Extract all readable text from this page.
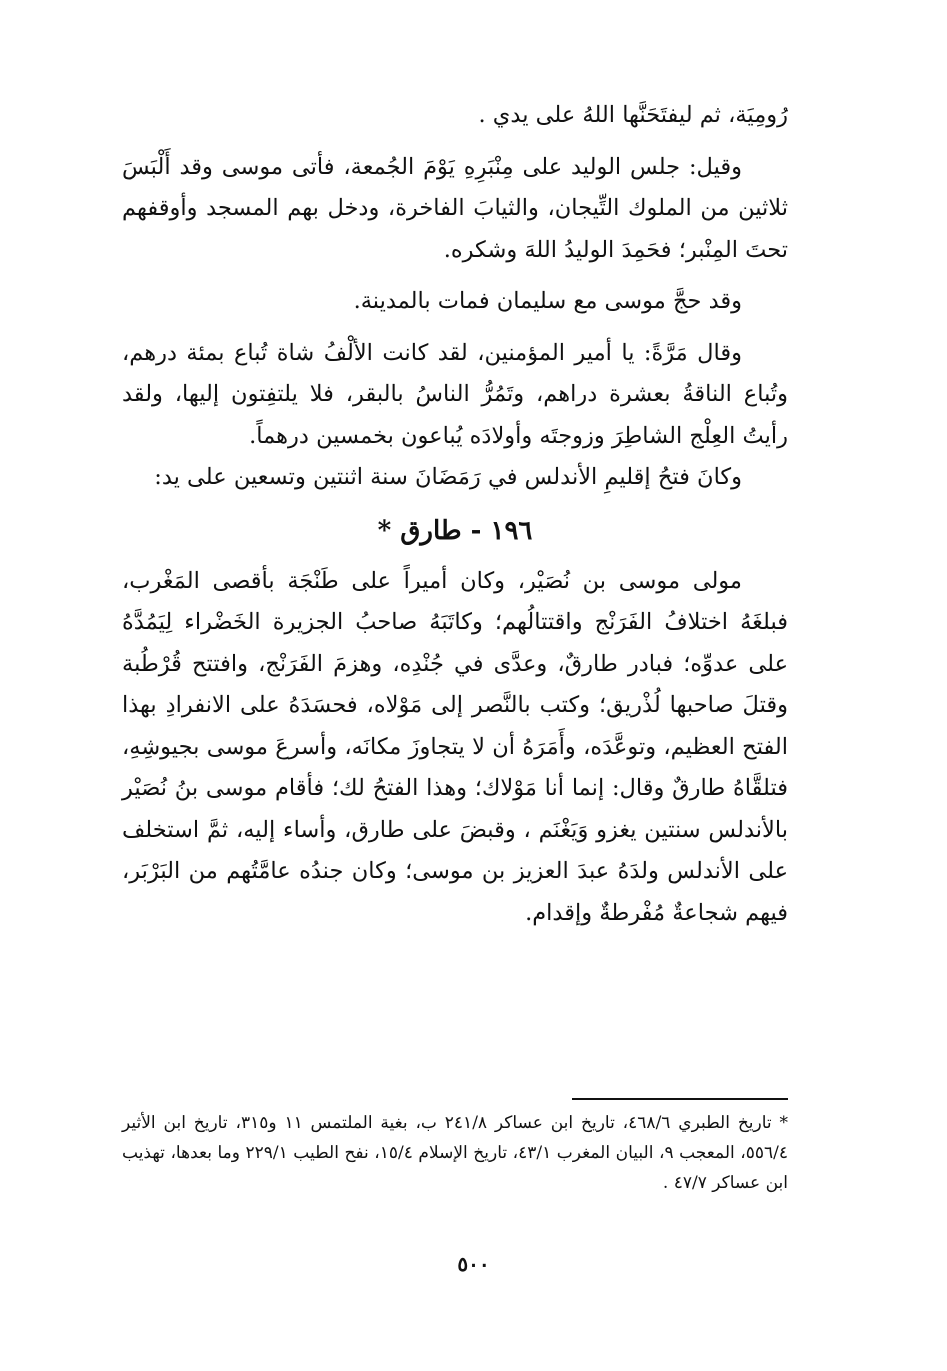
رُومِيَة، ثم ليفتَحَنَّها اللهُ على يدي .

وقيل: جلس الوليد على مِنْبَرِهِ يَوْمَ الجُمعة، فأتى موسى وقد أَلْبَسَ ثلاثين من الملوك التِّيجان، والثيابَ الفاخرة، ودخل بهم المسجد وأوقفهم تحتَ المِنْبر؛ فحَمِدَ الوليدُ اللهَ وشكره.

وقد حجَّ موسى مع سليمان فمات بالمدينة.

وقال مَرَّةً: يا أمير المؤمنين، لقد كانت الألْفُ شاة تُباع بمئة درهم، وتُباع الناقةُ بعشرة دراهم، وتَمُرُّ الناسُ بالبقر، فلا يلتفِتون إليها، ولقد رأيتُ العِلْج الشاطِرَ وزوجتَه وأولادَه يُباعون بخمسين درهماً.

وكانَ فتحُ إقليمِ الأندلس في رَمَضَانَ سنة اثنتين وتسعين على يد:

١٩٦ - طارق *

مولى موسى بن نُصَيْر، وكان أميراً على طَنْجَة بأقصى المَغْرب، فبلغَهُ اختلافُ الفَرَنْج واقتتالُهم؛ وكاتَبَهُ صاحبُ الجزيرة الخَضْراء لِيَمُدَّهُ على عدوِّه؛ فبادر طارقٌ، وعدَّى في جُنْدِه، وهزمَ الفَرَنْج، وافتتح قُرْطُبة وقتلَ صاحبها لُذْريق؛ وكتب بالنَّصر إلى مَوْلاه، فحسَدَهُ على الانفرادِ بهذا الفتح العظيم، وتوعَّدَه، وأَمَرَهُ أن لا يتجاوزَ مكانَه، وأسرعَ موسى بجيوشِهِ، فتلقَّاهُ طارقٌ وقال: إنما أنا مَوْلاك؛ وهذا الفتحُ لك؛ فأقام موسى بنُ نُصَيْر بالأندلس سنتين يغزو وَيَغْنَم ، وقبضَ على طارق، وأساء إليه، ثمَّ استخلف على الأندلس ولدَهُ عبدَ العزيز بن موسى؛ وكان جندُه عامَّتُهم من البَرْبَر، فيهم شجاعةٌ مُفْرطةٌ وإقدام.

* تاريخ الطبري ٤٦٨/٦، تاريخ ابن عساكر ٢٤١/٨ ب، بغية الملتمس ١١ و٣١٥، تاريخ ابن الأثير ٥٥٦/٤، المعجب ٩، البيان المغرب ٤٣/١، تاريخ الإسلام ١٥/٤، نفح الطيب ٢٢٩/١ وما بعدها، تهذيب ابن عساكر ٤٧/٧ .

٥٠٠
